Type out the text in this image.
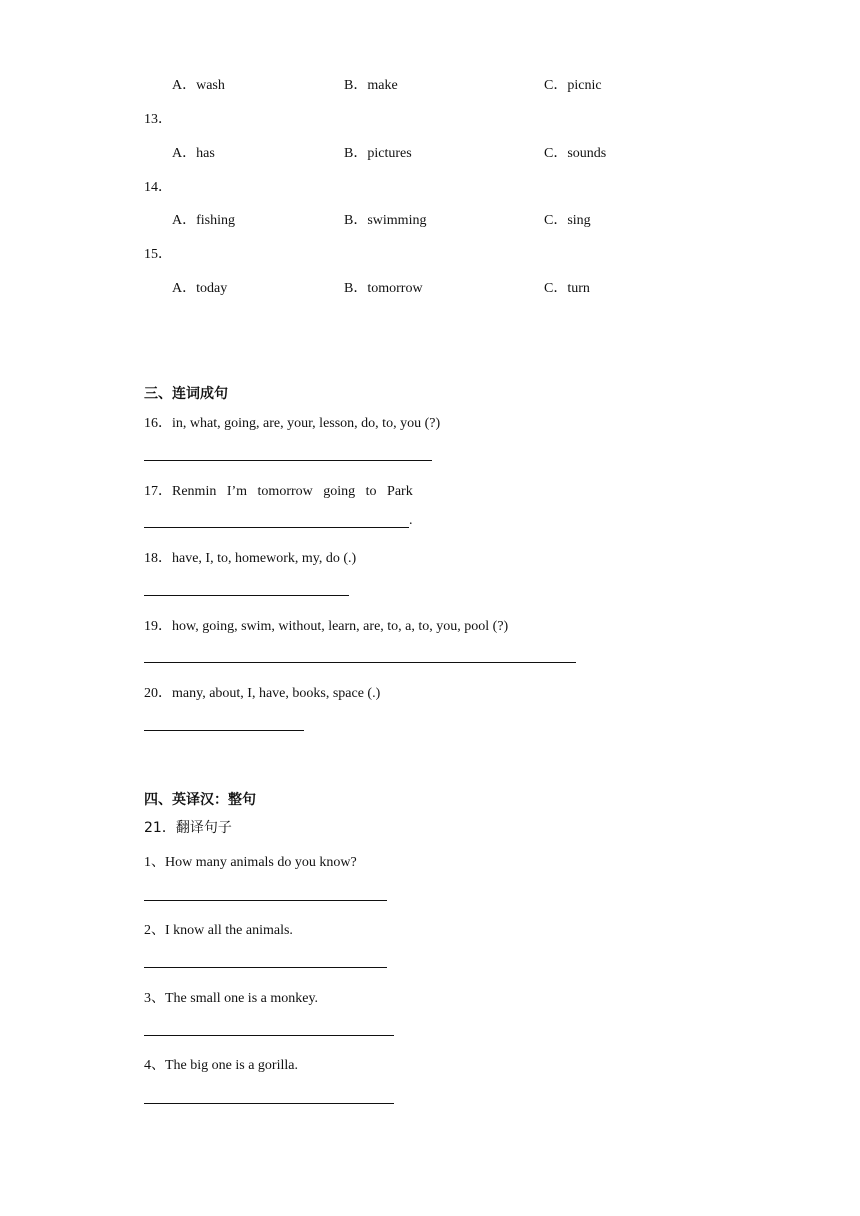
A．wash	B．make	C．picnic
13．
A．has	B．pictures	C．sounds
14．
A．fishing	B．swimming	C．sing
15．
A．today	B．tomorrow	C．turn
三、连词成句
16．in, what, going, are, your, lesson, do, to, you (?)
17．Renmin   I’m   tomorrow   going   to   Park
.
18．have, I, to, homework, my, do (.)
19．how, going, swim, without, learn, are, to, a, to, you, pool (?)
20．many, about, I, have, books, space (.)
四、英译汉：整句
21．翻译句子
1、How many animals do you know?
2、I know all the animals.
3、The small one is a monkey.
4、The big one is a gorilla.
